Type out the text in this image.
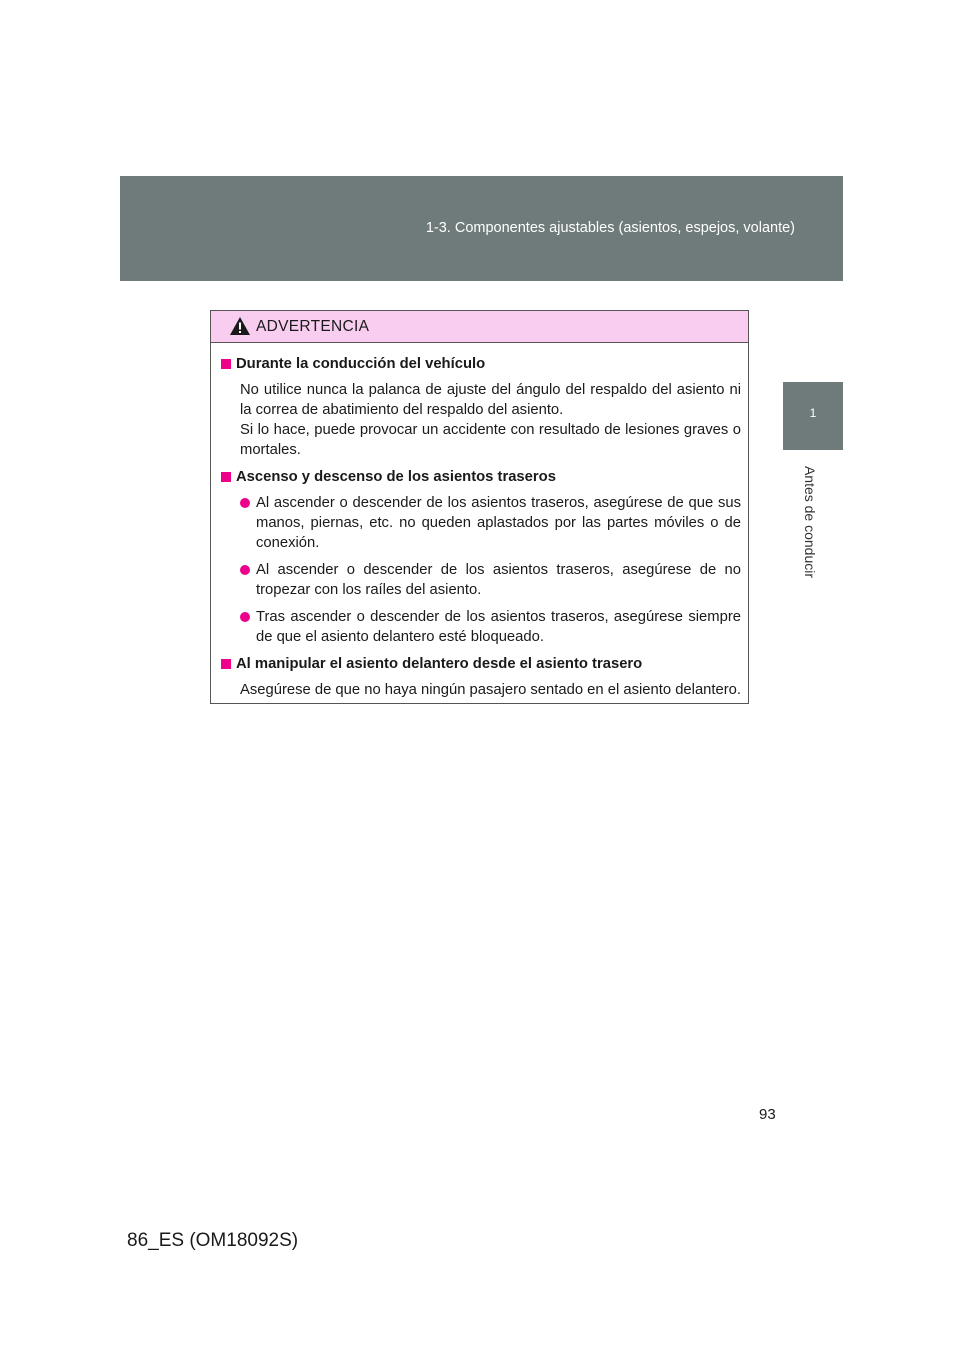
1-3. Componentes ajustables (asientos, espejos, volante)
1
Antes de conducir
ADVERTENCIA
Durante la conducción del vehículo
No utilice nunca la palanca de ajuste del ángulo del respaldo del asiento ni la correa de abatimiento del respaldo del asiento.
Si lo hace, puede provocar un accidente con resultado de lesiones graves o mortales.
Ascenso y descenso de los asientos traseros
Al ascender o descender de los asientos traseros, asegúrese de que sus manos, piernas, etc. no queden aplastados por las partes móviles o de conexión.
Al ascender o descender de los asientos traseros, asegúrese de no tropezar con los raíles del asiento.
Tras ascender o descender de los asientos traseros, asegúrese siempre de que el asiento delantero esté bloqueado.
Al manipular el asiento delantero desde el asiento trasero
Asegúrese de que no haya ningún pasajero sentado en el asiento delantero.
93
86_ES (OM18092S)
